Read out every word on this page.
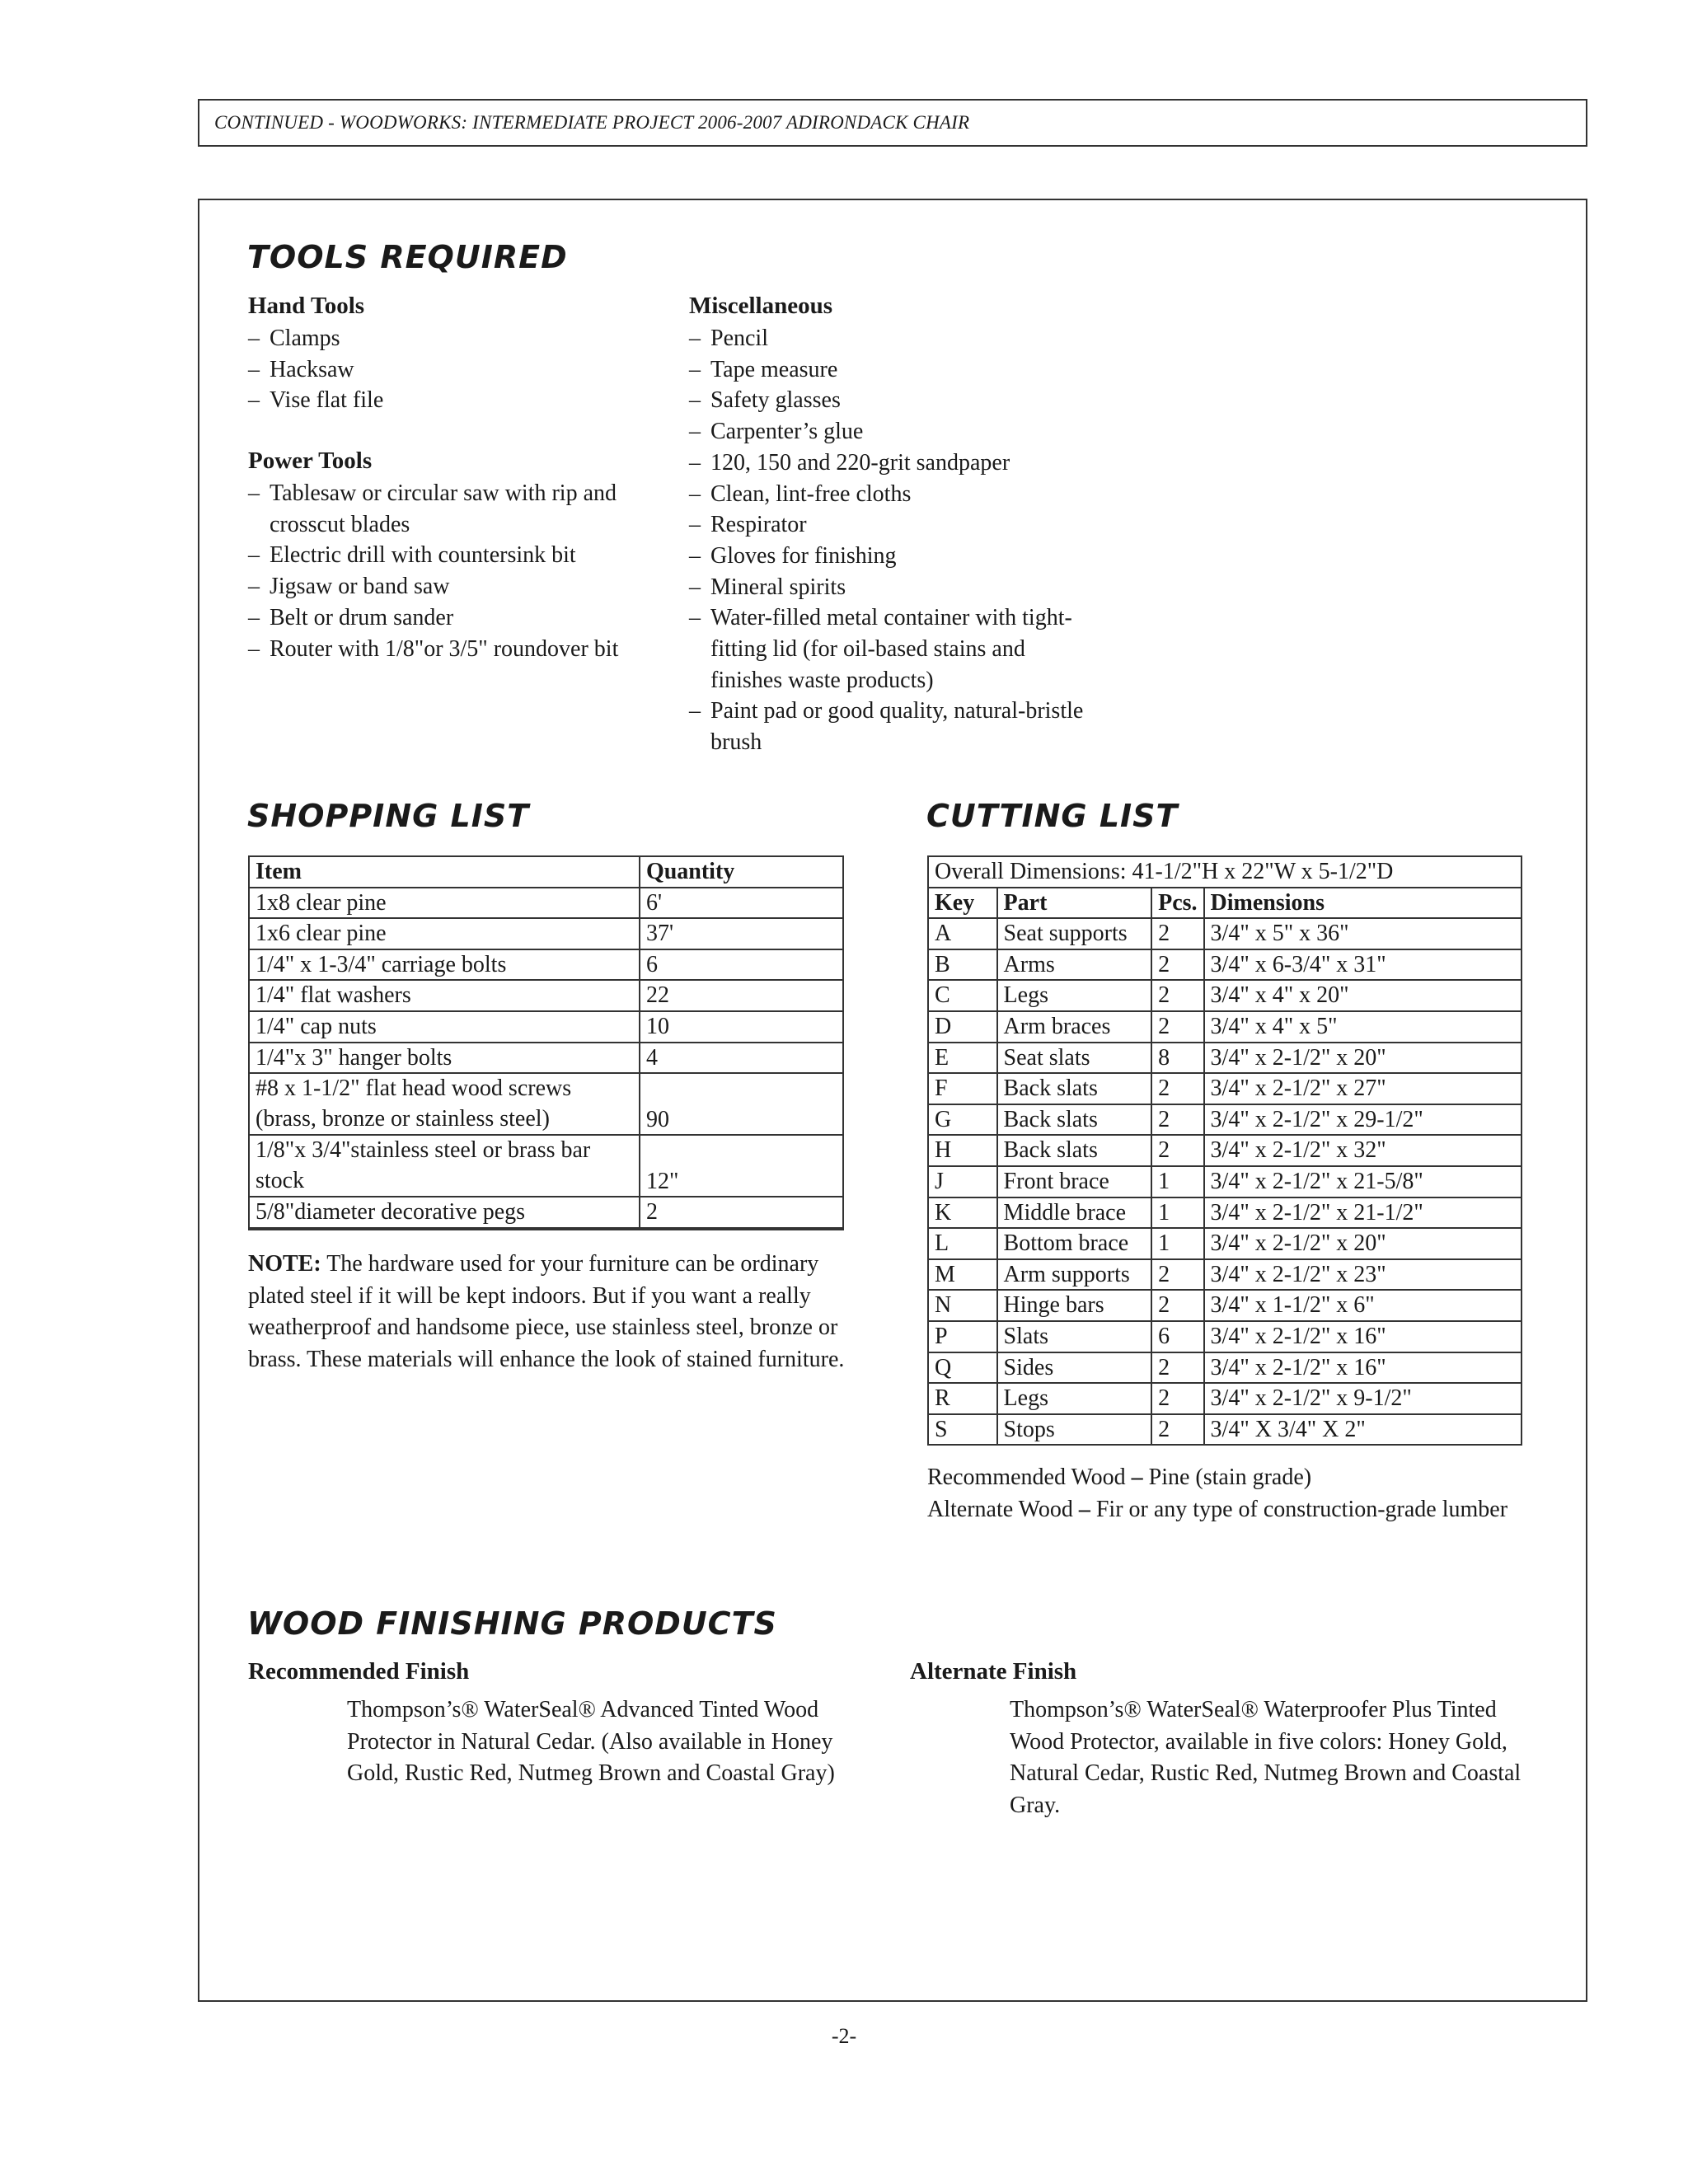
CONTINUED - WOODWORKS: INTERMEDIATE PROJECT 2006-2007 ADIRONDACK CHAIR
TOOLS REQUIRED
Hand Tools
– Clamps
– Hacksaw
– Vise flat file
Power Tools
– Tablesaw or circular saw with rip and crosscut blades
– Electric drill with countersink bit
– Jigsaw or band saw
– Belt or drum sander
– Router with 1/8"or 3/5" roundover bit
Miscellaneous
– Pencil
– Tape measure
– Safety glasses
– Carpenter’s glue
– 120, 150 and 220-grit sandpaper
– Clean, lint-free cloths
– Respirator
– Gloves for finishing
– Mineral spirits
– Water-filled metal container with tight-fitting lid (for oil-based stains and finishes waste products)
– Paint pad or good quality, natural-bristle brush
SHOPPING LIST
Item	Quantity
1x8 clear pine	6'
1x6 clear pine	37'
1/4" x 1-3/4" carriage bolts	6
1/4" flat washers	22
1/4" cap nuts	10
1/4"x 3" hanger bolts	4
#8 x 1-1/2" flat head wood screws (brass, bronze or stainless steel)	90
1/8"x 3/4"stainless steel or brass bar stock	12"
5/8"diameter decorative pegs	2
NOTE: The hardware used for your furniture can be ordinary plated steel if it will be kept indoors. But if you want a really weatherproof and handsome piece, use stainless steel, bronze or brass. These materials will enhance the look of stained furniture.
CUTTING LIST
Overall Dimensions: 41-1/2"H x 22"W x 5-1/2"D			
Key	Part	Pcs.	Dimensions
A	Seat supports	2	3/4" x 5" x 36"
B	Arms	2	3/4" x 6-3/4" x 31"
C	Legs	2	3/4" x 4" x 20"
D	Arm braces	2	3/4" x 4" x 5"
E	Seat slats	8	3/4" x 2-1/2" x 20"
F	Back slats	2	3/4" x 2-1/2" x 27"
G	Back slats	2	3/4" x 2-1/2" x 29-1/2"
H	Back slats	2	3/4" x 2-1/2" x 32"
J	Front brace	1	3/4" x 2-1/2" x 21-5/8"
K	Middle brace	1	3/4" x 2-1/2" x 21-1/2"
L	Bottom brace	1	3/4" x 2-1/2" x 20"
M	Arm supports	2	3/4" x 2-1/2" x 23"
N	Hinge bars	2	3/4" x 1-1/2" x 6"
P	Slats	6	3/4" x 2-1/2" x 16"
Q	Sides	2	3/4" x 2-1/2" x 16"
R	Legs	2	3/4" x 2-1/2" x 9-1/2"
S	Stops	2	3/4" X 3/4" X 2"
Recommended Wood – Pine (stain grade)
Alternate Wood – Fir or any type of construction-grade lumber
WOOD FINISHING PRODUCTS
Recommended Finish
Thompson’s® WaterSeal® Advanced Tinted Wood Protector in Natural Cedar. (Also available in Honey Gold, Rustic Red, Nutmeg Brown and Coastal Gray)
Alternate Finish
Thompson’s® WaterSeal® Waterproofer Plus Tinted Wood Protector, available in five colors: Honey Gold, Natural Cedar, Rustic Red, Nutmeg Brown and Coastal Gray.
-2-
